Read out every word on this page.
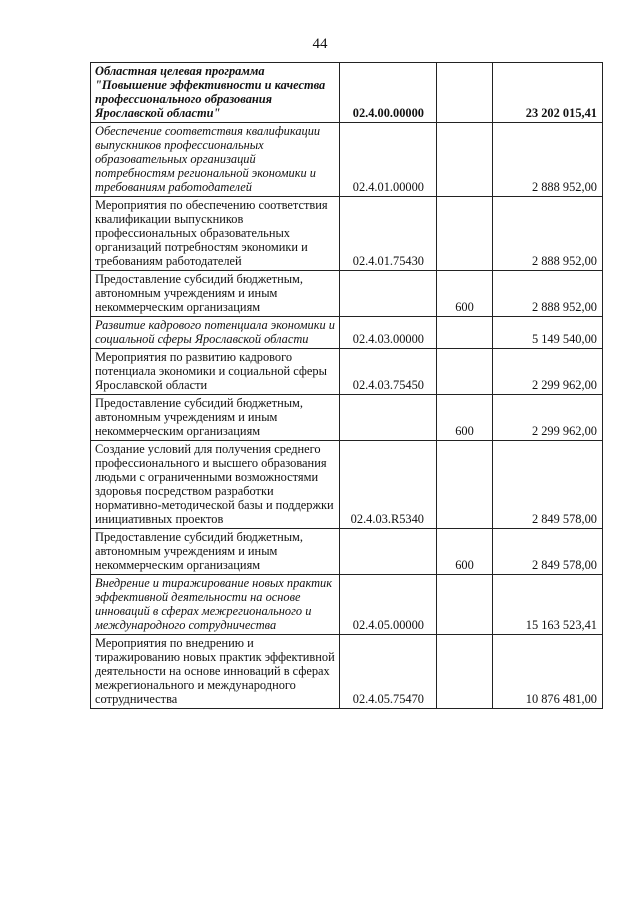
44
Областная целевая программа "Повышение эффективности и качества профессионального образования Ярославской области"	02.4.00.00000		23 202 015,41
Обеспечение соответствия квалификации выпускников профессиональных образовательных организаций потребностям региональной экономики и требованиям работодателей	02.4.01.00000		2 888 952,00
Мероприятия по обеспечению соответствия квалификации выпускников профессиональных образовательных организаций потребностям экономики и требованиям работодателей	02.4.01.75430		2 888 952,00
Предоставление субсидий бюджетным, автономным учреждениям и иным некоммерческим организациям		600	2 888 952,00
Развитие кадрового потенциала экономики и социальной сферы Ярославской области	02.4.03.00000		5 149 540,00
Мероприятия по развитию кадрового потенциала экономики и социальной сферы Ярославской области	02.4.03.75450		2 299 962,00
Предоставление субсидий бюджетным, автономным учреждениям и иным некоммерческим организациям		600	2 299 962,00
Создание условий для получения среднего профессионального и высшего образования людьми с ограниченными возможностями здоровья посредством разработки нормативно-методической базы и поддержки инициативных проектов	02.4.03.R5340		2 849 578,00
Предоставление субсидий бюджетным, автономным учреждениям и иным некоммерческим организациям		600	2 849 578,00
Внедрение и тиражирование новых практик эффективной деятельности на основе инноваций в сферах межрегионального и международного сотрудничества	02.4.05.00000		15 163 523,41
Мероприятия по внедрению и тиражированию новых практик эффективной деятельности на основе инноваций в сферах межрегионального и международного сотрудничества	02.4.05.75470		10 876 481,00
